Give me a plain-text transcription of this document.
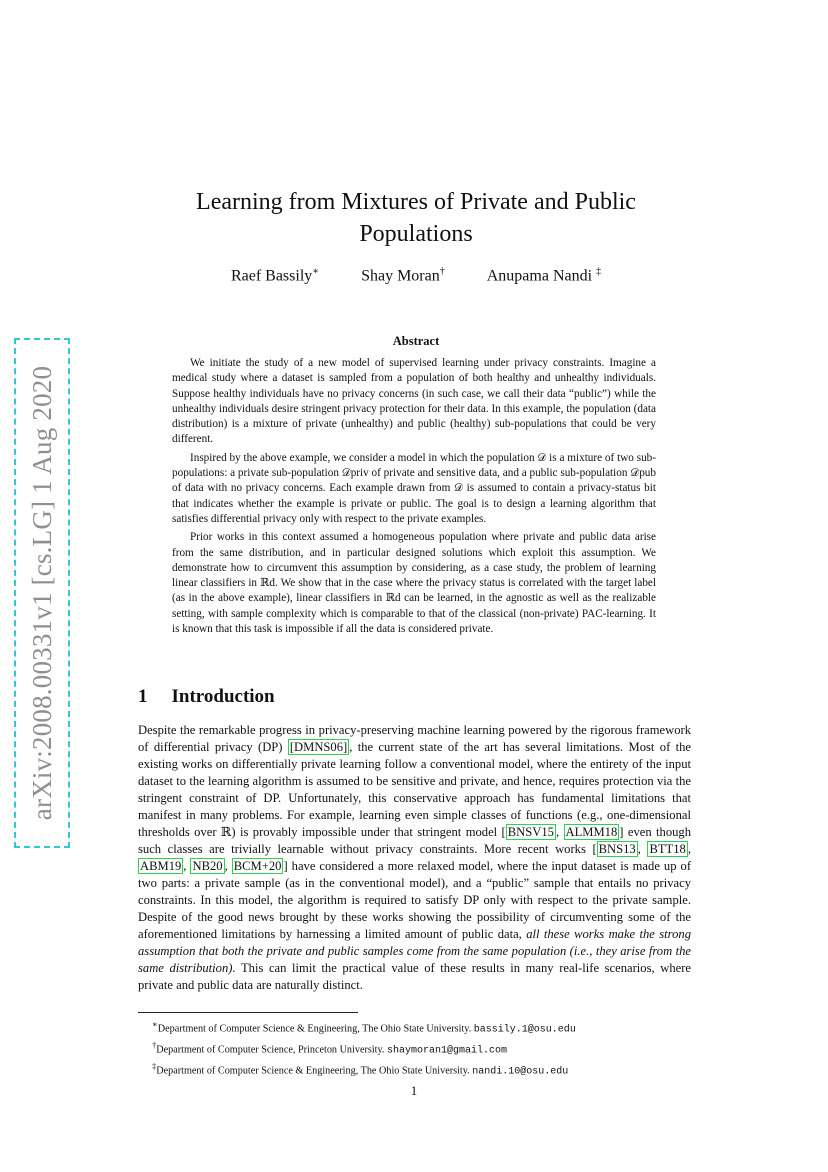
arXiv:2008.00331v1 [cs.LG] 1 Aug 2020
Learning from Mixtures of Private and Public Populations
Raef Bassily∗	Shay Moran†	Anupama Nandi ‡
Abstract

We initiate the study of a new model of supervised learning under privacy constraints. Imagine a medical study where a dataset is sampled from a population of both healthy and unhealthy individuals. Suppose healthy individuals have no privacy concerns (in such case, we call their data “public”) while the unhealthy individuals desire stringent privacy protection for their data. In this example, the population (data distribution) is a mixture of private (unhealthy) and public (healthy) sub-populations that could be very different.

Inspired by the above example, we consider a model in which the population 𝒟 is a mixture of two sub-populations: a private sub-population 𝒟priv of private and sensitive data, and a public sub-population 𝒟pub of data with no privacy concerns. Each example drawn from 𝒟 is assumed to contain a privacy-status bit that indicates whether the example is private or public. The goal is to design a learning algorithm that satisfies differential privacy only with respect to the private examples.

Prior works in this context assumed a homogeneous population where private and public data arise from the same distribution, and in particular designed solutions which exploit this assumption. We demonstrate how to circumvent this assumption by considering, as a case study, the problem of learning linear classifiers in ℝd. We show that in the case where the privacy status is correlated with the target label (as in the above example), linear classifiers in ℝd can be learned, in the agnostic as well as the realizable setting, with sample complexity which is comparable to that of the classical (non-private) PAC-learning. It is known that this task is impossible if all the data is considered private.

1 Introduction

Despite the remarkable progress in privacy-preserving machine learning powered by the rigorous framework of differential privacy (DP) [DMNS06] , the current state of the art has several limitations. Most of the existing works on differentially private learning follow a conventional model, where the entirety of the input dataset to the learning algorithm is assumed to be sensitive and private, and hence, requires protection via the stringent constraint of DP. Unfortunately, this conservative approach has fundamental limitations that manifest in many problems. For example, learning even simple classes of functions (e.g., one-dimensional thresholds over ℝ) is provably impossible under that stringent model [ BNSV15 , ALMM18 ] even though such classes are trivially learnable without privacy constraints. More recent works [ BNS13 , BTT18 , ABM19 , NB20 , BCM+20 ] have considered a more relaxed model, where the input dataset is made up of two parts: a private sample (as in the conventional model), and a “public” sample that entails no privacy constraints. In this model, the algorithm is required to satisfy DP only with respect to the private sample. Despite of the good news brought by these works showing the possibility of circumventing some of the aforementioned limitations by harnessing a limited amount of public data, all these works make the strong assumption that both the private and public samples come from the same population (i.e., they arise from the same distribution). This can limit the practical value of these results in many real-life scenarios, where private and public data are naturally distinct.

∗Department of Computer Science & Engineering, The Ohio State University. bassily.1@osu.edu
†Department of Computer Science, Princeton University. shaymoran1@gmail.com
‡Department of Computer Science & Engineering, The Ohio State University. nandi.10@osu.edu
1
